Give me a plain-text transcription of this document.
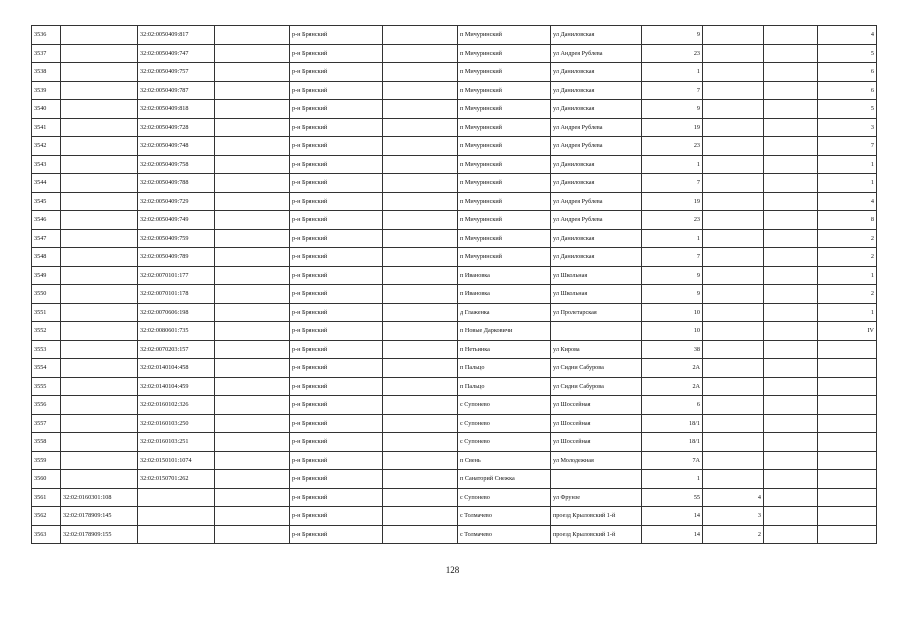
3536		32:02:0050409:817		р-н Брянский		п Мичуринский	ул Даниловская	9			4
3537		32:02:0050409:747		р-н Брянский		п Мичуринский	ул Андрея Рублева	23			5
3538		32:02:0050409:757		р-н Брянский		п Мичуринский	ул Даниловская	1			6
3539		32:02:0050409:787		р-н Брянский		п Мичуринский	ул Даниловская	7			6
3540		32:02:0050409:818		р-н Брянский		п Мичуринский	ул Даниловская	9			5
3541		32:02:0050409:728		р-н Брянский		п Мичуринский	ул Андрея Рублева	19			3
3542		32:02:0050409:748		р-н Брянский		п Мичуринский	ул Андрея Рублева	23			7
3543		32:02:0050409:758		р-н Брянский		п Мичуринский	ул Даниловская	1			1
3544		32:02:0050409:788		р-н Брянский		п Мичуринский	ул Даниловская	7			1
3545		32:02:0050409:729		р-н Брянский		п Мичуринский	ул Андрея Рублева	19			4
3546		32:02:0050409:749		р-н Брянский		п Мичуринский	ул Андрея Рублева	23			8
3547		32:02:0050409:759		р-н Брянский		п Мичуринский	ул Даниловская	1			2
3548		32:02:0050409:789		р-н Брянский		п Мичуринский	ул Даниловская	7			2
3549		32:02:0070101:177		р-н Брянский		п Ивановка	ул Школьная	9			1
3550		32:02:0070101:178		р-н Брянский		п Ивановка	ул Школьная	9			2
3551		32:02:0070606:198		р-н Брянский		д Глаженка	ул Пролетарская	10			1
3552		32:02:0080601:735		р-н Брянский		п Новые Дарковичи		10			IV
3553		32:02:0070203:157		р-н Брянский		п Нетьинка	ул Кирова	38			
3554		32:02:0140104:458		р-н Брянский		п Пальцо	ул Сидни Сабурова	2А			
3555		32:02:0140104:459		р-н Брянский		п Пальцо	ул Сидни Сабурова	2А			
3556		32:02:0160102:326		р-н Брянский		с Супонево	ул Шоссейная	6			
3557		32:02:0160103:250		р-н Брянский		с Супонево	ул Шоссейная	18/1			
3558		32:02:0160103:251		р-н Брянский		с Супонево	ул Шоссейная	18/1			
3559		32:02:0150101:1074		р-н Брянский		п Свень	ул Молодежная	7А			
3560		32:02:0150701:262		р-н Брянский		п Санаторий Снежка		1			
3561	32:02:0160301:108			р-н Брянский		с Супонево	ул Фрунзе	55	4		
3562	32:02:0178909:145			р-н Брянский		с Толмачево	проезд Крыловский 1-й	14	3		
3563	32:02:0178909:155			р-н Брянский		с Толмачево	проезд Крыловский 1-й	14	2		
128
